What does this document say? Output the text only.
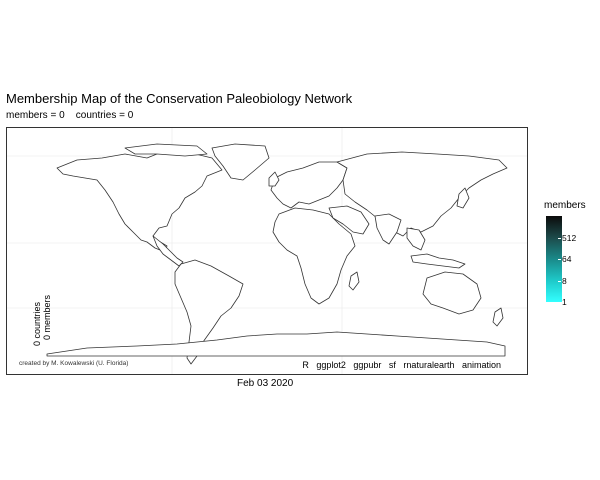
Membership Map of the Conservation Paleobiology Network
members = 0 countries = 0
0 countries 0 members
created by M. Kowalewski (U. Florida)	R   ggplot2   ggpubr   sf   rnaturalearth   animation
Feb 03 2020
members
512
64
8
1
